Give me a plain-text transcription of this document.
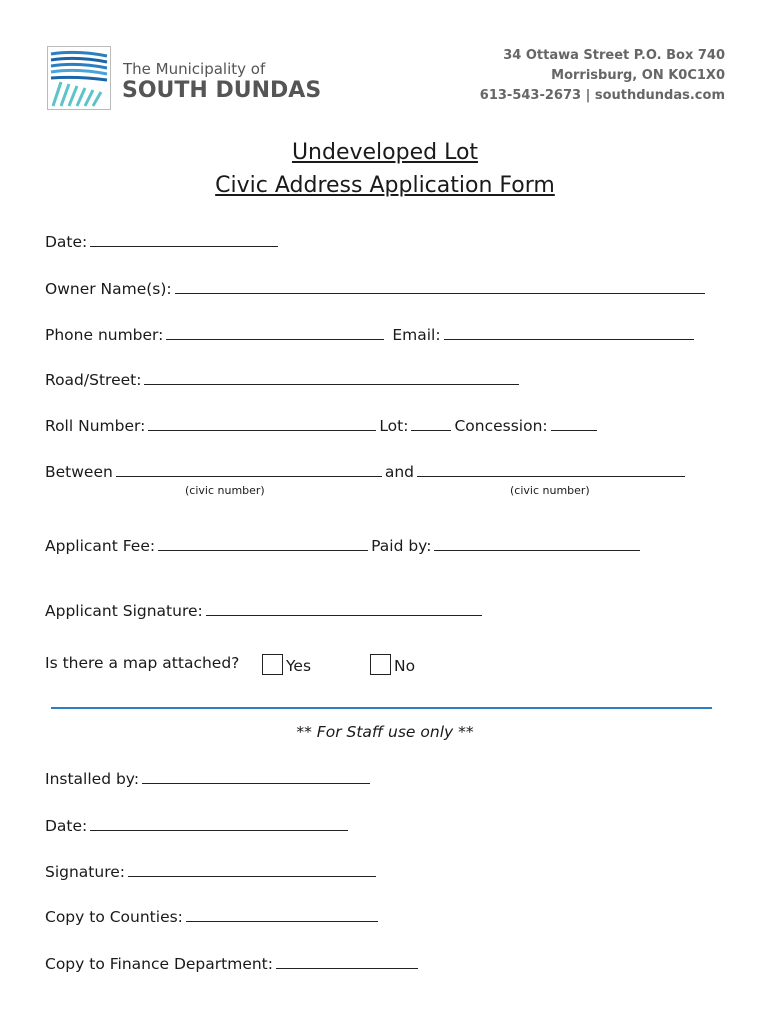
The Municipality of
SOUTH DUNDAS
34 Ottawa Street P.O. Box 740
Morrisburg, ON K0C1X0
613-543-2673 | southdundas.com
Undeveloped Lot
Civic Address Application Form
Date:
Owner Name(s):
Phone number:	Email:
Road/Street:
Roll Number:	Lot:	Concession:
Between	and
(civic number)	(civic number)
Applicant Fee:	Paid by:
Applicant Signature:
Is there a map attached?	Yes	No
** For Staff use only **
Installed by:
Date:
Signature:
Copy to Counties:
Copy to Finance Department:
